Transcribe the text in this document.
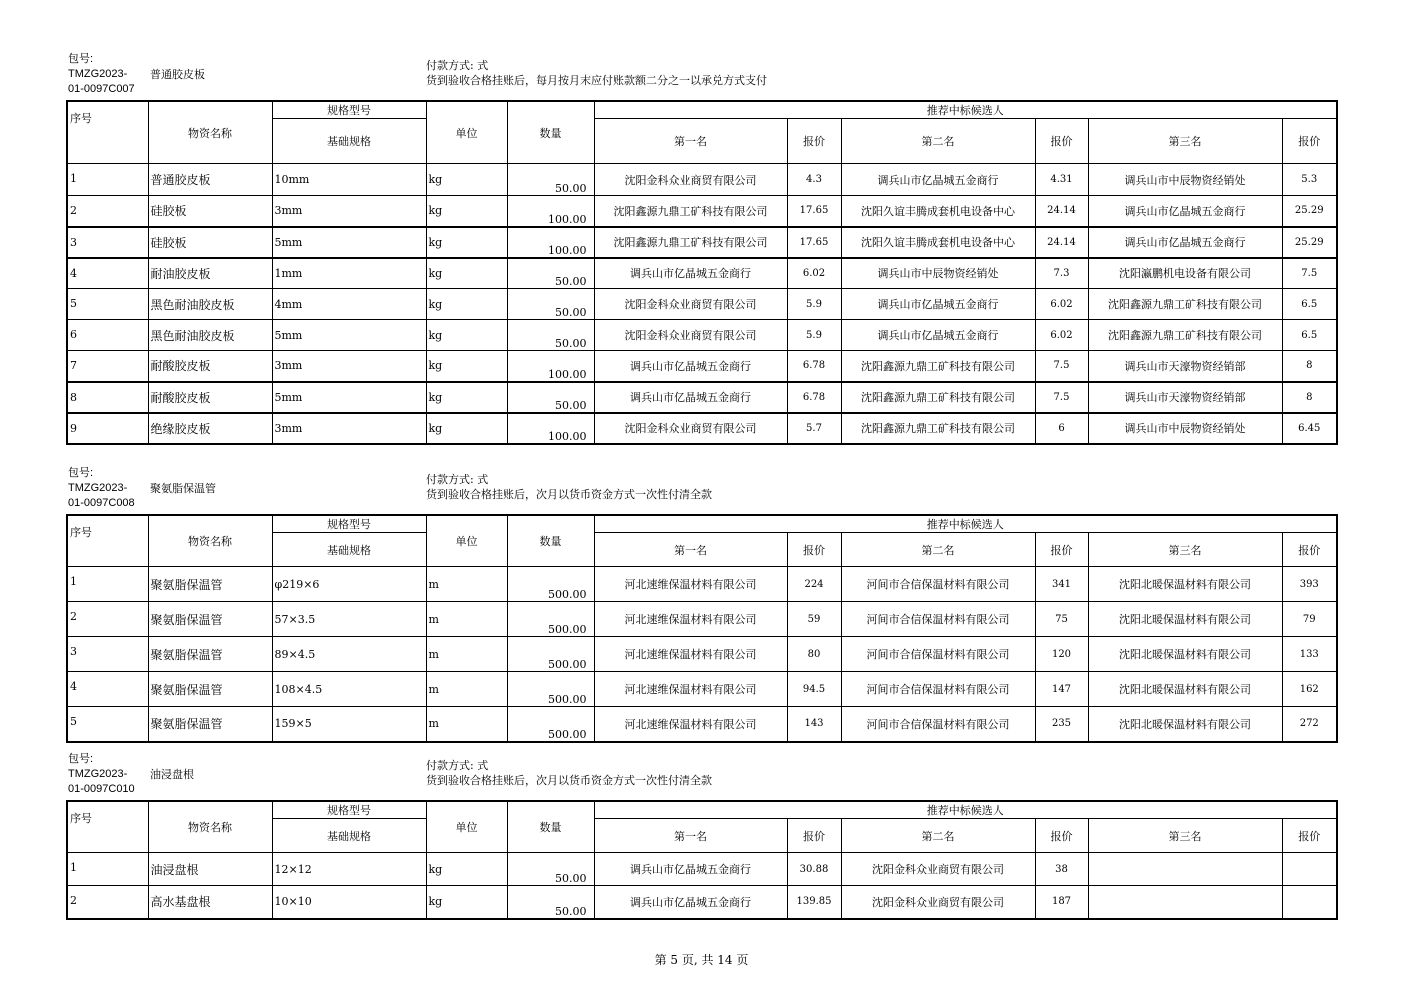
包号:
TMZG2023-
01-0097C007
普通胶皮板
付款方式: 式
货到验收合格挂账后，每月按月末应付账款额二分之一以承兑方式支付
序号	物资名称	规格型号	单位	数量	推荐中标候选人					
		基础规格			第一名	报价	第二名	报价	第三名	报价
1	普通胶皮板	10mm	kg	50.00	沈阳金科众业商贸有限公司	4.3	调兵山市亿晶城五金商行	4.31	调兵山市中辰物资经销处	5.3
2	硅胶板	3mm	kg	100.00	沈阳鑫源九鼎工矿科技有限公司	17.65	沈阳久谊丰腾成套机电设备中心	24.14	调兵山市亿晶城五金商行	25.29
3	硅胶板	5mm	kg	100.00	沈阳鑫源九鼎工矿科技有限公司	17.65	沈阳久谊丰腾成套机电设备中心	24.14	调兵山市亿晶城五金商行	25.29
4	耐油胶皮板	1mm	kg	50.00	调兵山市亿晶城五金商行	6.02	调兵山市中辰物资经销处	7.3	沈阳瀛鹏机电设备有限公司	7.5
5	黑色耐油胶皮板	4mm	kg	50.00	沈阳金科众业商贸有限公司	5.9	调兵山市亿晶城五金商行	6.02	沈阳鑫源九鼎工矿科技有限公司	6.5
6	黑色耐油胶皮板	5mm	kg	50.00	沈阳金科众业商贸有限公司	5.9	调兵山市亿晶城五金商行	6.02	沈阳鑫源九鼎工矿科技有限公司	6.5
7	耐酸胶皮板	3mm	kg	100.00	调兵山市亿晶城五金商行	6.78	沈阳鑫源九鼎工矿科技有限公司	7.5	调兵山市天濠物资经销部	8
8	耐酸胶皮板	5mm	kg	50.00	调兵山市亿晶城五金商行	6.78	沈阳鑫源九鼎工矿科技有限公司	7.5	调兵山市天濠物资经销部	8
9	绝缘胶皮板	3mm	kg	100.00	沈阳金科众业商贸有限公司	5.7	沈阳鑫源九鼎工矿科技有限公司	6	调兵山市中辰物资经销处	6.45
包号:
TMZG2023-
01-0097C008
聚氨脂保温管
付款方式: 式
货到验收合格挂账后，次月以货币资金方式一次性付清全款
序号	物资名称	规格型号	单位	数量	推荐中标候选人					
		基础规格			第一名	报价	第二名	报价	第三名	报价
1	聚氨脂保温管	φ219×6	m	500.00	河北速维保温材料有限公司	224	河间市合信保温材料有限公司	341	沈阳北暖保温材料有限公司	393
2	聚氨脂保温管	57×3.5	m	500.00	河北速维保温材料有限公司	59	河间市合信保温材料有限公司	75	沈阳北暖保温材料有限公司	79
3	聚氨脂保温管	89×4.5	m	500.00	河北速维保温材料有限公司	80	河间市合信保温材料有限公司	120	沈阳北暖保温材料有限公司	133
4	聚氨脂保温管	108×4.5	m	500.00	河北速维保温材料有限公司	94.5	河间市合信保温材料有限公司	147	沈阳北暖保温材料有限公司	162
5	聚氨脂保温管	159×5	m	500.00	河北速维保温材料有限公司	143	河间市合信保温材料有限公司	235	沈阳北暖保温材料有限公司	272
包号:
TMZG2023-
01-0097C010
油浸盘根
付款方式: 式
货到验收合格挂账后，次月以货币资金方式一次性付清全款
序号	物资名称	规格型号	单位	数量	推荐中标候选人					
		基础规格			第一名	报价	第二名	报价	第三名	报价
1	油浸盘根	12×12	kg	50.00	调兵山市亿晶城五金商行	30.88	沈阳金科众业商贸有限公司	38		
2	高水基盘根	10×10	kg	50.00	调兵山市亿晶城五金商行	139.85	沈阳金科众业商贸有限公司	187		
第 5 页, 共 14 页
